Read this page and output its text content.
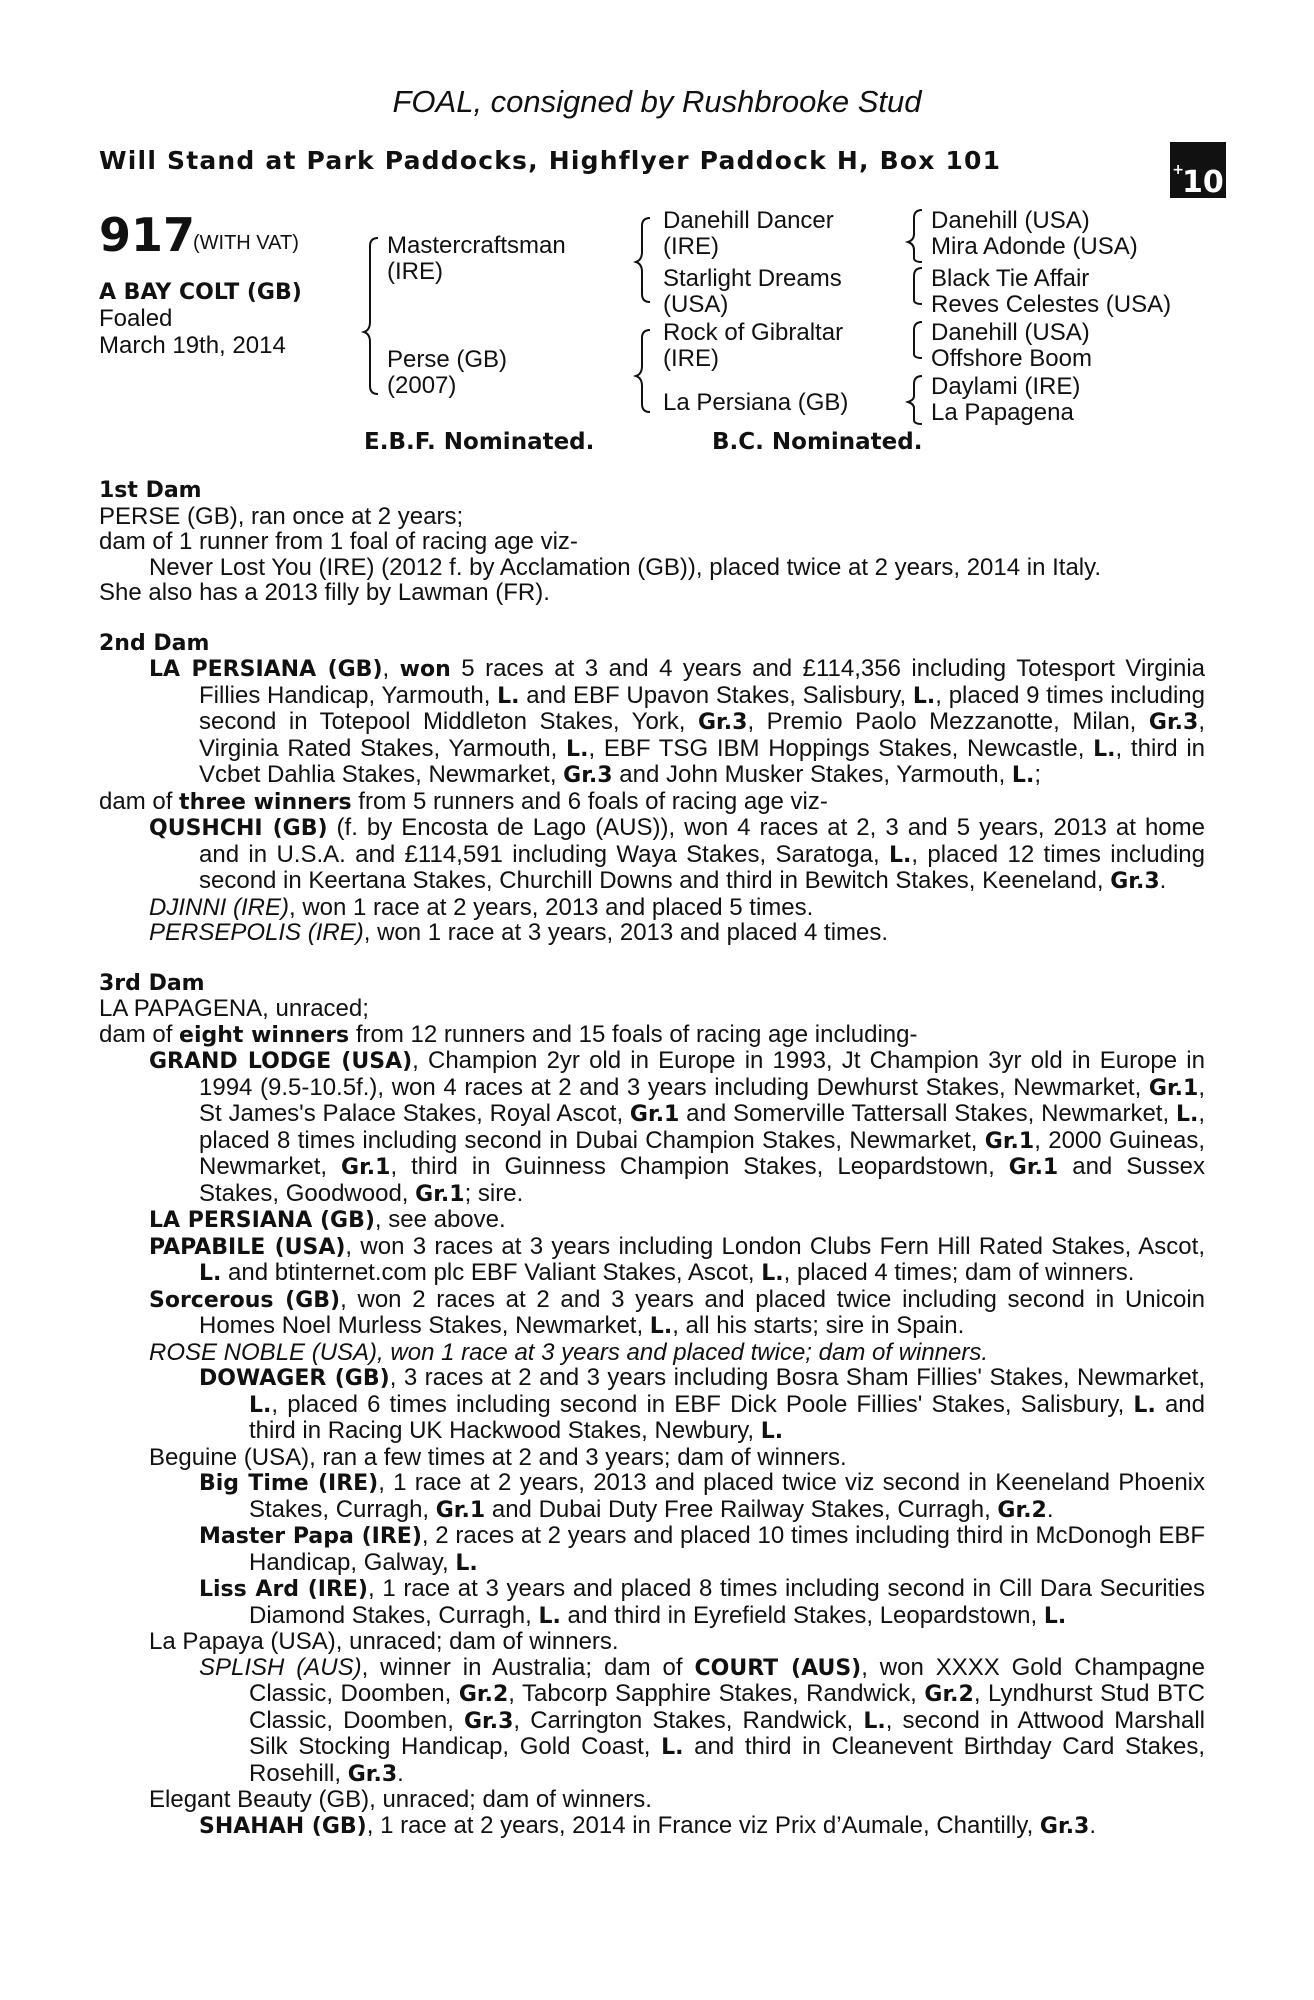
FOAL, consigned by Rushbrooke Stud
Will Stand at Park Paddocks, Highflyer Paddock H, Box 101	+10
917
(WITH VAT)
A BAY COLT (GB)
Foaled
March 19th, 2014
Mastercraftsman
(IRE)
Perse (GB)
(2007)
Danehill Dancer
(IRE)
Starlight Dreams
(USA)
Rock of Gibraltar
(IRE)
La Persiana (GB)
Danehill (USA)
Mira Adonde (USA)
Black Tie Affair
Reves Celestes (USA)
Danehill (USA)
Offshore Boom
Daylami (IRE)
La Papagena
E.B.F. Nominated.	B.C. Nominated.

1st Dam

PERSE (GB), ran once at 2 years;

dam of 1 runner from 1 foal of racing age viz-

Never Lost You (IRE) (2012 f. by Acclamation (GB)), placed twice at 2 years, 2014 in Italy.

She also has a 2013 filly by Lawman (FR).

2nd Dam

LA PERSIANA (GB), won 5 races at 3 and 4 years and £114,356 including Totesport Virginia Fillies Handicap, Yarmouth, L. and EBF Upavon Stakes, Salisbury, L., placed 9 times including second in Totepool Middleton Stakes, York, Gr.3, Premio Paolo Mezzanotte, Milan, Gr.3, Virginia Rated Stakes, Yarmouth, L., EBF TSG IBM Hoppings Stakes, Newcastle, L., third in Vcbet Dahlia Stakes, Newmarket, Gr.3 and John Musker Stakes, Yarmouth, L.;

dam of three winners from 5 runners and 6 foals of racing age viz-

QUSHCHI (GB) (f. by Encosta de Lago (AUS)), won 4 races at 2, 3 and 5 years, 2013 at home and in U.S.A. and £114,591 including Waya Stakes, Saratoga, L., placed 12 times including second in Keertana Stakes, Churchill Downs and third in Bewitch Stakes, Keeneland, Gr.3.

DJINNI (IRE), won 1 race at 2 years, 2013 and placed 5 times.

PERSEPOLIS (IRE), won 1 race at 3 years, 2013 and placed 4 times.

3rd Dam

LA PAPAGENA, unraced;

dam of eight winners from 12 runners and 15 foals of racing age including-

GRAND LODGE (USA), Champion 2yr old in Europe in 1993, Jt Champion 3yr old in Europe in 1994 (9.5-10.5f.), won 4 races at 2 and 3 years including Dewhurst Stakes, Newmarket, Gr.1, St James's Palace Stakes, Royal Ascot, Gr.1 and Somerville Tattersall Stakes, Newmarket, L., placed 8 times including second in Dubai Champion Stakes, Newmarket, Gr.1, 2000 Guineas, Newmarket, Gr.1, third in Guinness Champion Stakes, Leopardstown, Gr.1 and Sussex Stakes, Goodwood, Gr.1; sire.

LA PERSIANA (GB), see above.

PAPABILE (USA), won 3 races at 3 years including London Clubs Fern Hill Rated Stakes, Ascot, L. and btinternet.com plc EBF Valiant Stakes, Ascot, L., placed 4 times; dam of winners.

Sorcerous (GB), won 2 races at 2 and 3 years and placed twice including second in Unicoin Homes Noel Murless Stakes, Newmarket, L., all his starts; sire in Spain.

ROSE NOBLE (USA), won 1 race at 3 years and placed twice; dam of winners.

DOWAGER (GB), 3 races at 2 and 3 years including Bosra Sham Fillies' Stakes, Newmarket, L., placed 6 times including second in EBF Dick Poole Fillies' Stakes, Salisbury, L. and third in Racing UK Hackwood Stakes, Newbury, L.

Beguine (USA), ran a few times at 2 and 3 years; dam of winners.

Big Time (IRE), 1 race at 2 years, 2013 and placed twice viz second in Keeneland Phoenix Stakes, Curragh, Gr.1 and Dubai Duty Free Railway Stakes, Curragh, Gr.2.

Master Papa (IRE), 2 races at 2 years and placed 10 times including third in McDonogh EBF Handicap, Galway, L.

Liss Ard (IRE), 1 race at 3 years and placed 8 times including second in Cill Dara Securities Diamond Stakes, Curragh, L. and third in Eyrefield Stakes, Leopardstown, L.

La Papaya (USA), unraced; dam of winners.

SPLISH (AUS), winner in Australia; dam of COURT (AUS), won XXXX Gold Champagne Classic, Doomben, Gr.2, Tabcorp Sapphire Stakes, Randwick, Gr.2, Lyndhurst Stud BTC Classic, Doomben, Gr.3, Carrington Stakes, Randwick, L., second in Attwood Marshall Silk Stocking Handicap, Gold Coast, L. and third in Cleanevent Birthday Card Stakes, Rosehill, Gr.3.

Elegant Beauty (GB), unraced; dam of winners.

SHAHAH (GB), 1 race at 2 years, 2014 in France viz Prix d’Aumale, Chantilly, Gr.3.
